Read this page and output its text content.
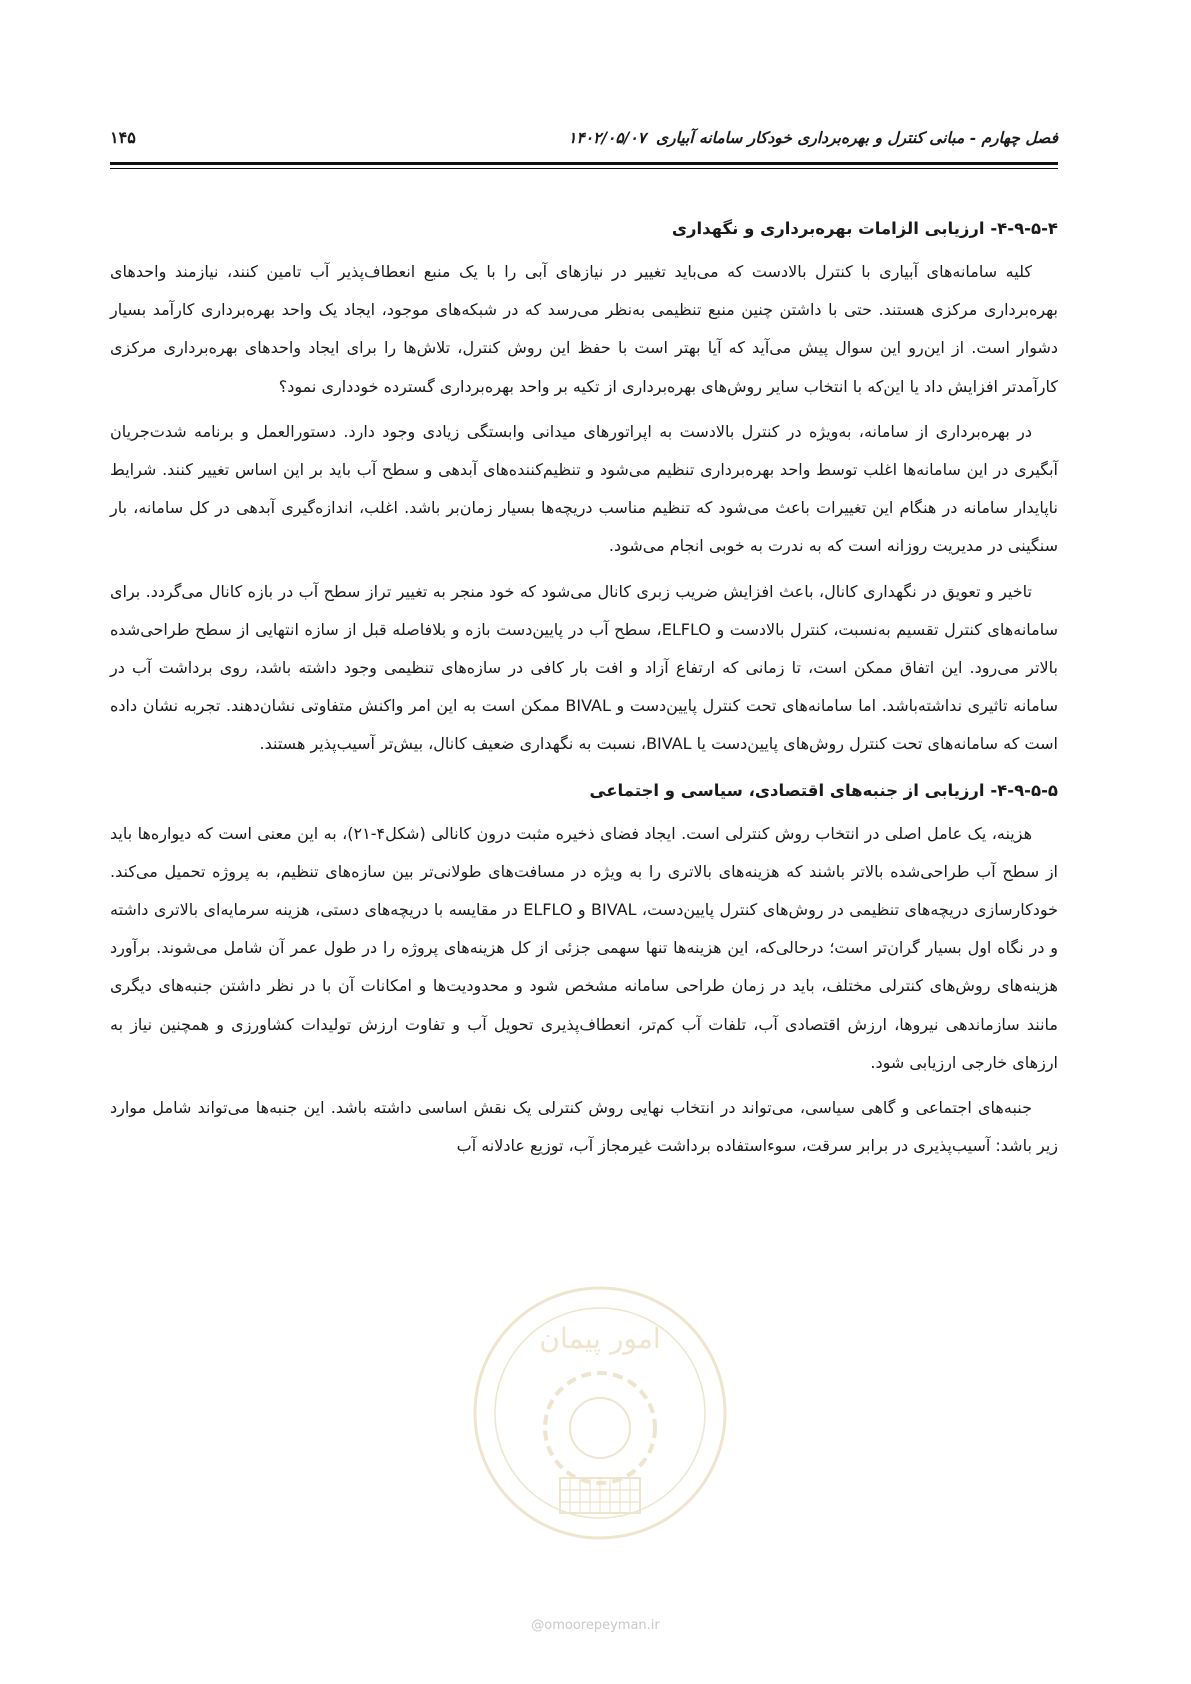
فصل چهارم - مبانی کنترل و بهره‌برداری خودکار سامانه آبیاری۱۴۰۲/۰۵/۰۷
۱۴۵
۴-۹-۵-۴- ارزیابی الزامات بهره‌برداری و نگهداری

کلیه سامانه‌های آبیاری با کنترل بالادست که می‌باید تغییر در نیازهای آبی را با یک منبع انعطاف‌پذیر آب تامین کنند، نیازمند واحدهای بهره‌برداری مرکزی هستند. حتی با داشتن چنین منبع تنظیمی به‌نظر می‌رسد که در شبکه‌های موجود، ایجاد یک واحد بهره‌برداری کارآمد بسیار دشوار است. از این‌رو این سوال پیش می‌آید که آیا بهتر است با حفظ این روش کنترل، تلاش‌ها را برای ایجاد واحدهای بهره‌برداری مرکزی کارآمدتر افزایش داد یا این‌که با انتخاب سایر روش‌های بهره‌برداری از تکیه بر واحد بهره‌برداری گسترده خودداری نمود؟

در بهره‌برداری از سامانه، به‌ویژه در کنترل بالادست به اپراتورهای میدانی وابستگی زیادی وجود دارد. دستورالعمل و برنامه شدت‌جریان آبگیری در این سامانه‌ها اغلب توسط واحد بهره‌برداری تنظیم می‌شود و تنظیم‌کننده‌های آبدهی و سطح آب باید بر این اساس تغییر کنند. شرایط ناپایدار سامانه در هنگام این تغییرات باعث می‌شود که تنظیم مناسب دریچه‌ها بسیار زمان‌بر باشد. اغلب، اندازه‌گیری آبدهی در کل سامانه، بار سنگینی در مدیریت روزانه است که به ندرت به خوبی انجام می‌شود.

تاخیر و تعویق در نگهداری کانال، باعث افزایش ضریب زبری کانال می‌شود که خود منجر به تغییر تراز سطح آب در بازه کانال می‌گردد. برای سامانه‌های کنترل تقسیم به‌نسبت، کنترل بالادست و ELFLO، سطح آب در پایین‌دست بازه و بلافاصله قبل از سازه انتهایی از سطح طراحی‌شده بالاتر می‌رود. این اتفاق ممکن است، تا زمانی که ارتفاع آزاد و افت بار کافی در سازه‌های تنظیمی وجود داشته باشد، روی برداشت آب در سامانه تاثیری نداشته‌باشد. اما سامانه‌های تحت کنترل پایین‌دست و BIVAL ممکن است به این امر واکنش متفاوتی نشان‌دهند. تجربه نشان داده است که سامانه‌های تحت کنترل روش‌های پایین‌دست یا BIVAL، نسبت به نگهداری ضعیف کانال، بیش‌تر آسیب‌پذیر هستند.

۴-۹-۵-۵- ارزیابی از جنبه‌های اقتصادی، سیاسی و اجتماعی

هزینه، یک عامل اصلی در انتخاب روش کنترلی است. ایجاد فضای ذخیره مثبت درون کانالی (شکل۴-۲۱)، به این معنی است که دیواره‌ها باید از سطح آب طراحی‌شده بالاتر باشند که هزینه‌های بالاتری را به ویژه در مسافت‌های طولانی‌تر بین سازه‌های تنظیم، به پروژه تحمیل می‌کند. خودکارسازی دریچه‌های تنظیمی در روش‌های کنترل پایین‌دست، BIVAL و ELFLO در مقایسه با دریچه‌های دستی، هزینه سرمایه‌ای بالاتری داشته و در نگاه اول بسیار گران‌تر است؛ درحالی‌که، این هزینه‌ها تنها سهمی جزئی از کل هزینه‌های پروژه را در طول عمر آن شامل می‌شوند. برآورد هزینه‌های روش‌های کنترلی مختلف، باید در زمان طراحی سامانه مشخص شود و محدودیت‌ها و امکانات آن با در نظر داشتن جنبه‌های دیگری مانند سازماندهی نیروها، ارزش اقتصادی آب، تلفات آب کم‌تر، انعطاف‌پذیری تحویل آب و تفاوت ارزش تولیدات کشاورزی و همچنین نیاز به ارزهای خارجی ارزیابی شود.

جنبه‌های اجتماعی و گاهی سیاسی، می‌تواند در انتخاب نهایی روش کنترلی یک نقش اساسی داشته باشد. این جنبه‌ها می‌تواند شامل موارد زیر باشد: آسیب‌پذیری در برابر سرقت، سوءاستفاده برداشت غیرمجاز آب، توزیع عادلانه آب

امور پیمان
@omoorepeyman.ir
